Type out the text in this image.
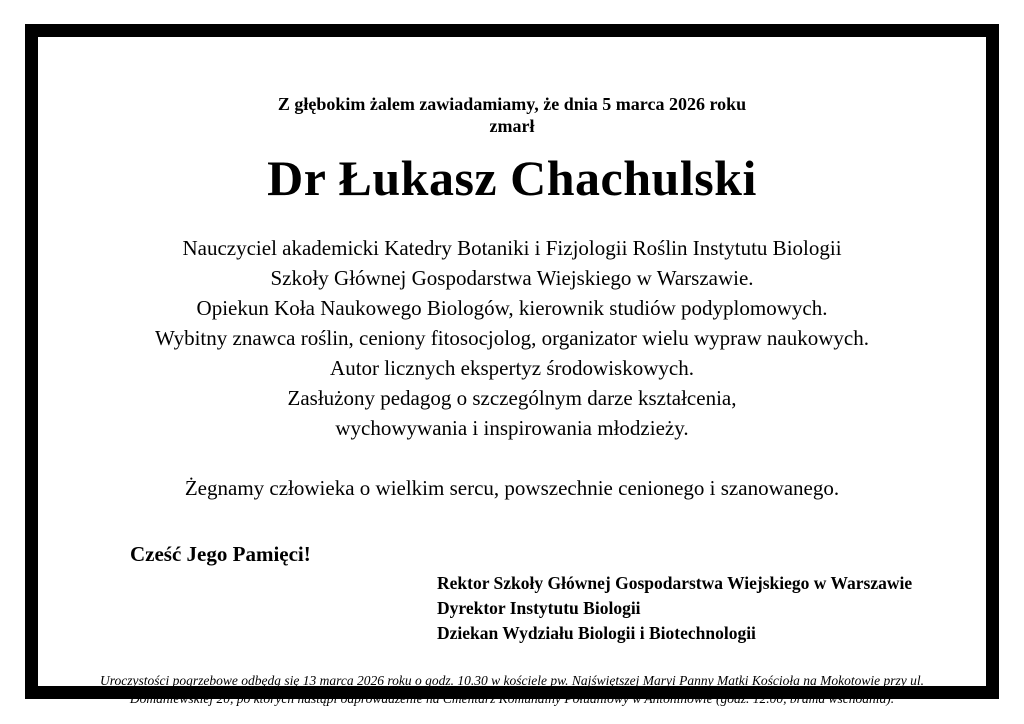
Z głębokim żalem zawiadamiamy, że dnia 5 marca 2026 roku
zmarł
Dr Łukasz Chachulski
Nauczyciel akademicki Katedry Botaniki i Fizjologii Roślin Instytutu Biologii
Szkoły Głównej Gospodarstwa Wiejskiego w Warszawie.
Opiekun Koła Naukowego Biologów, kierownik studiów podyplomowych.
Wybitny znawca roślin, ceniony fitosocjolog, organizator wielu wypraw naukowych.
Autor licznych ekspertyz środowiskowych.
Zasłużony pedagog o szczególnym darze kształcenia,
wychowywania i inspirowania młodzieży.
Żegnamy człowieka o wielkim sercu, powszechnie cenionego i szanowanego.
Cześć Jego Pamięci!
Rektor Szkoły Głównej Gospodarstwa Wiejskiego w Warszawie
Dyrektor Instytutu Biologii
Dziekan Wydziału Biologii i Biotechnologii
Uroczystości pogrzebowe odbędą się 13 marca 2026 roku o godz. 10.30 w kościele pw. Najświętszej Maryi Panny Matki Kościoła na Mokotowie przy ul. Domaniewskiej 20, po których nastąpi odprowadzenie na Cmentarz Komunalny Południowy w Antoninowie (godz. 12.00, brama wschodnia).
